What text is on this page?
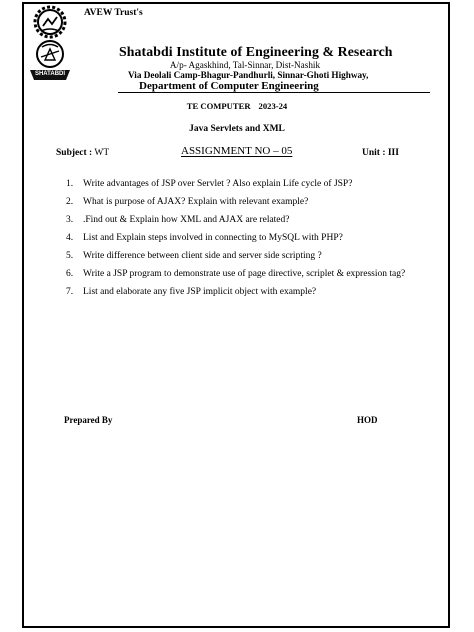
SHATABDI
AVEW Trust's
Shatabdi Institute of Engineering & Research
A/p- Agaskhind, Tal-Sinnar, Dist-Nashik
Via Deolali Camp-Bhagur-Pandhurli, Sinnar-Ghoti Highway,
Department of Computer Engineering
TE COMPUTER 2023-24
Java Servlets and XML
Subject : WT	ASSIGNMENT NO – 05	Unit : III
1. Write advantages of JSP over Servlet ? Also explain Life cycle of JSP?
2. What is purpose of AJAX? Explain with relevant example?
3. .Find out & Explain how XML and AJAX are related?
4. List and Explain steps involved in connecting to MySQL with PHP?
5. Write difference between client side and server side scripting ?
6. Write a JSP program to demonstrate use of page directive, scriplet & expression tag?
7. List and elaborate any five JSP implicit object with example?
Prepared By	HOD
